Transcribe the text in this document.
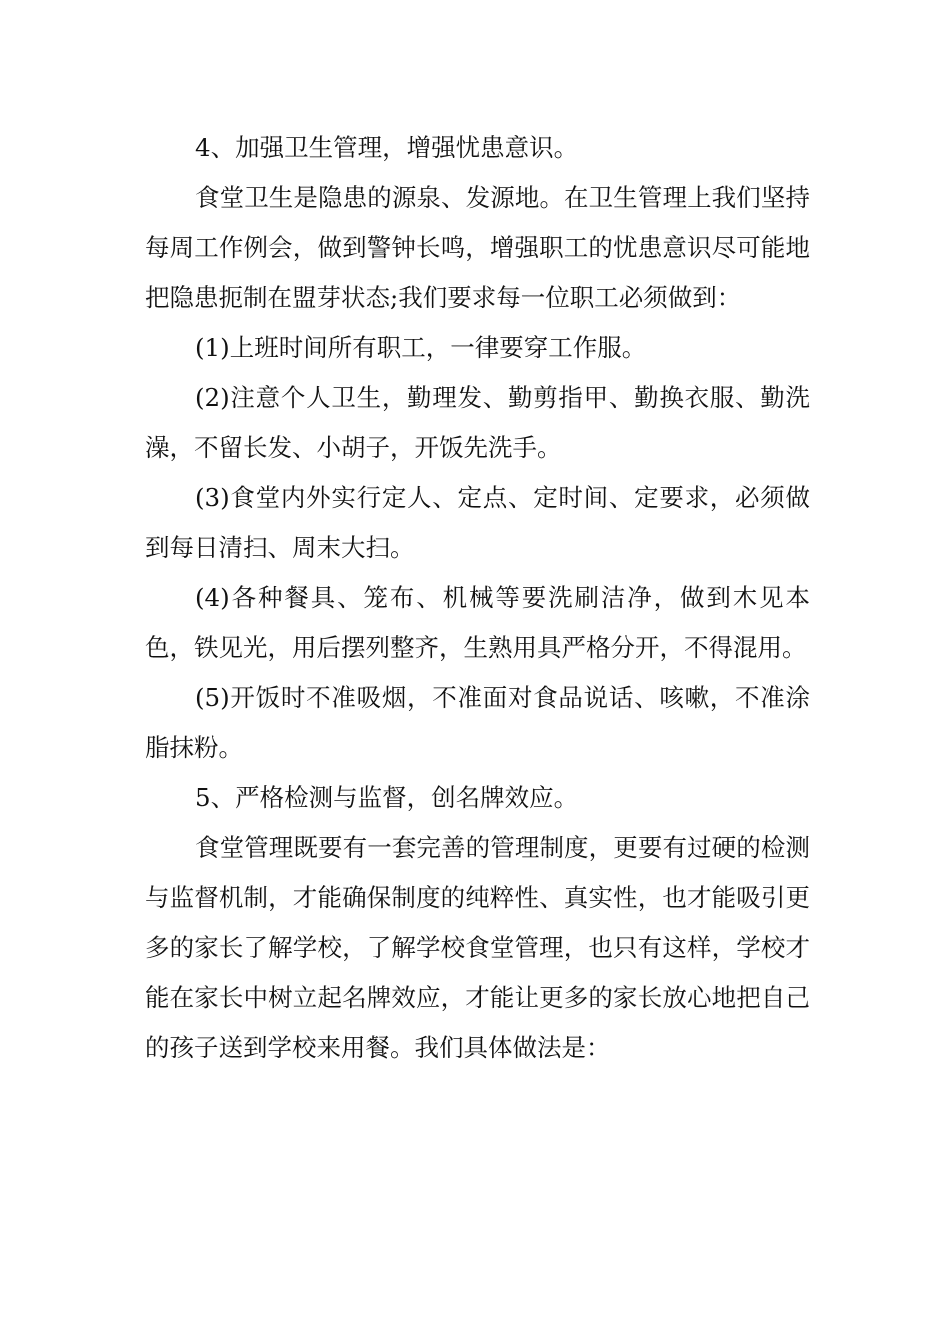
4、加强卫生管理，增强忧患意识。

食堂卫生是隐患的源泉、发源地。在卫生管理上我们坚持每周工作例会，做到警钟长鸣，增强职工的忧患意识尽可能地把隐患扼制在盟芽状态;我们要求每一位职工必须做到：

(1)上班时间所有职工，一律要穿工作服。

(2)注意个人卫生，勤理发、勤剪指甲、勤换衣服、勤洗澡，不留长发、小胡子，开饭先洗手。

(3)食堂内外实行定人、定点、定时间、定要求，必须做到每日清扫、周末大扫。

(4)各种餐具、笼布、机械等要洗刷洁净，做到木见本色，铁见光，用后摆列整齐，生熟用具严格分开，不得混用。

(5)开饭时不准吸烟，不准面对食品说话、咳嗽，不准涂脂抹粉。

5、严格检测与监督，创名牌效应。

食堂管理既要有一套完善的管理制度，更要有过硬的检测与监督机制，才能确保制度的纯粹性、真实性，也才能吸引更多的家长了解学校，了解学校食堂管理，也只有这样，学校才能在家长中树立起名牌效应，才能让更多的家长放心地把自己的孩子送到学校来用餐。我们具体做法是：
